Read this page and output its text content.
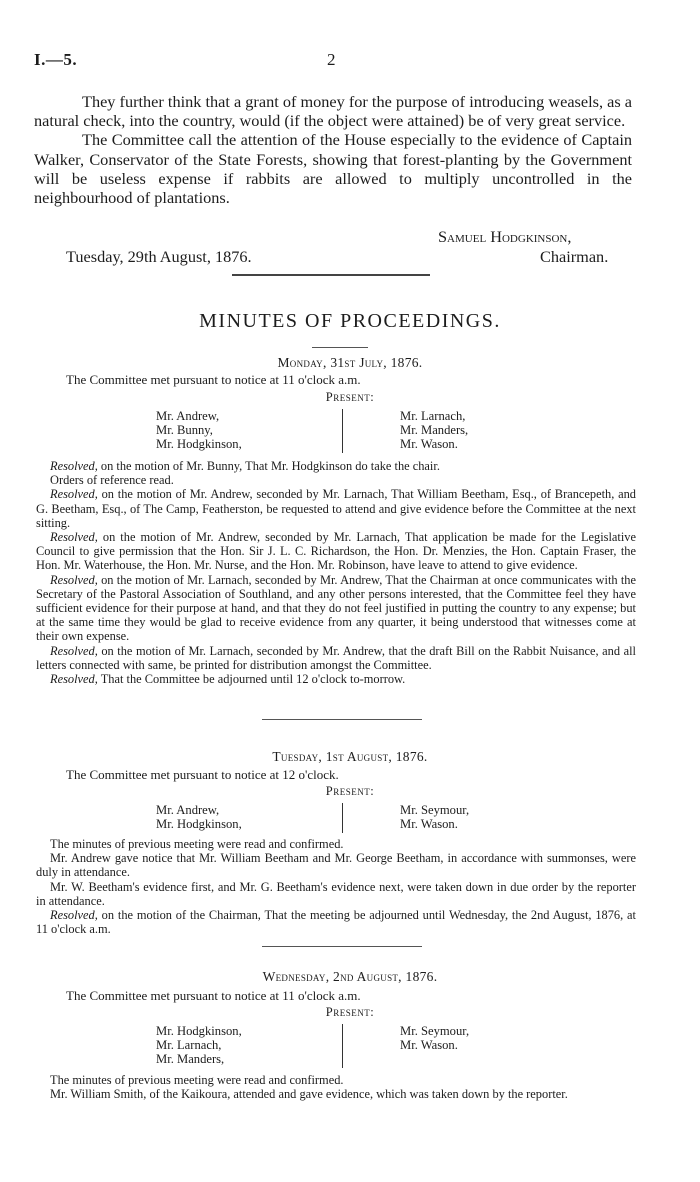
I.—5.	2

They further think that a grant of money for the purpose of introducing weasels, as a natural check, into the country, would (if the object were attained) be of very great service.

The Committee call the attention of the House especially to the evidence of Captain Walker, Conservator of the State Forests, showing that forest-planting by the Government will be useless expense if rabbits are allowed to multiply uncontrolled in the neighbourhood of plantations.

Samuel Hodgkinson,
Tuesday, 29th August, 1876.	Chairman.
MINUTES OF PROCEEDINGS.
Monday, 31st July, 1876.
The Committee met pursuant to notice at 11 o'clock a.m.
Present:
Mr. Andrew,
Mr. Bunny,
Mr. Hodgkinson,
Mr. Larnach,
Mr. Manders,
Mr. Wason.

Resolved, on the motion of Mr. Bunny, That Mr. Hodgkinson do take the chair.

Orders of reference read.

Resolved, on the motion of Mr. Andrew, seconded by Mr. Larnach, That William Beetham, Esq., of Brancepeth, and G. Beetham, Esq., of The Camp, Featherston, be requested to attend and give evidence before the Committee at the next sitting.

Resolved, on the motion of Mr. Andrew, seconded by Mr. Larnach, That application be made for the Legislative Council to give permission that the Hon. Sir J. L. C. Richardson, the Hon. Dr. Menzies, the Hon. Captain Fraser, the Hon. Mr. Waterhouse, the Hon. Mr. Nurse, and the Hon. Mr. Robinson, have leave to attend to give evidence.

Resolved, on the motion of Mr. Larnach, seconded by Mr. Andrew, That the Chairman at once communicates with the Secretary of the Pastoral Association of Southland, and any other persons interested, that the Committee feel they have sufficient evidence for their purpose at hand, and that they do not feel justified in putting the country to any expense; but at the same time they would be glad to receive evidence from any quarter, it being understood that witnesses come at their own expense.

Resolved, on the motion of Mr. Larnach, seconded by Mr. Andrew, that the draft Bill on the Rabbit Nuisance, and all letters connected with same, be printed for distribution amongst the Committee.

Resolved, That the Committee be adjourned until 12 o'clock to-morrow.

Tuesday, 1st August, 1876.
The Committee met pursuant to notice at 12 o'clock.
Present:
Mr. Andrew,
Mr. Hodgkinson,
Mr. Seymour,
Mr. Wason.

The minutes of previous meeting were read and confirmed.

Mr. Andrew gave notice that Mr. William Beetham and Mr. George Beetham, in accordance with summonses, were duly in attendance.

Mr. W. Beetham's evidence first, and Mr. G. Beetham's evidence next, were taken down in due order by the reporter in attendance.

Resolved, on the motion of the Chairman, That the meeting be adjourned until Wednesday, the 2nd August, 1876, at 11 o'clock a.m.

Wednesday, 2nd August, 1876.
The Committee met pursuant to notice at 11 o'clock a.m.
Present:
Mr. Hodgkinson,
Mr. Larnach,
Mr. Manders,
Mr. Seymour,
Mr. Wason.

The minutes of previous meeting were read and confirmed.

Mr. William Smith, of the Kaikoura, attended and gave evidence, which was taken down by the reporter.
